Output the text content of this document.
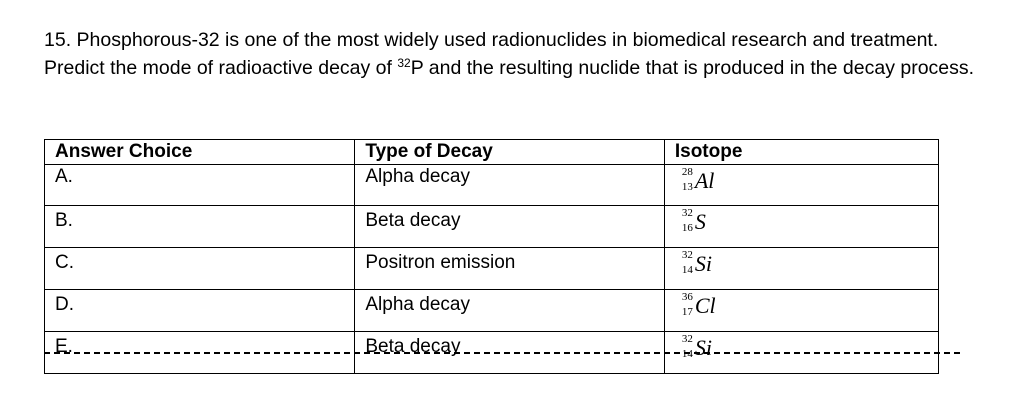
15. Phosphorous-32 is one of the most widely used radionuclides in biomedical research and treatment. Predict the mode of radioactive decay of $^{32}$P and the resulting nuclide that is produced in the decay process.
Answer Choice	Type of Decay	Isotope
A.	Alpha decay	28
13 Al

B.	Beta decay	32
16 S

C.	Positron emission	32
14 Si

D.	Alpha decay	36
17 Cl

E.	Beta decay	32
14 Si
